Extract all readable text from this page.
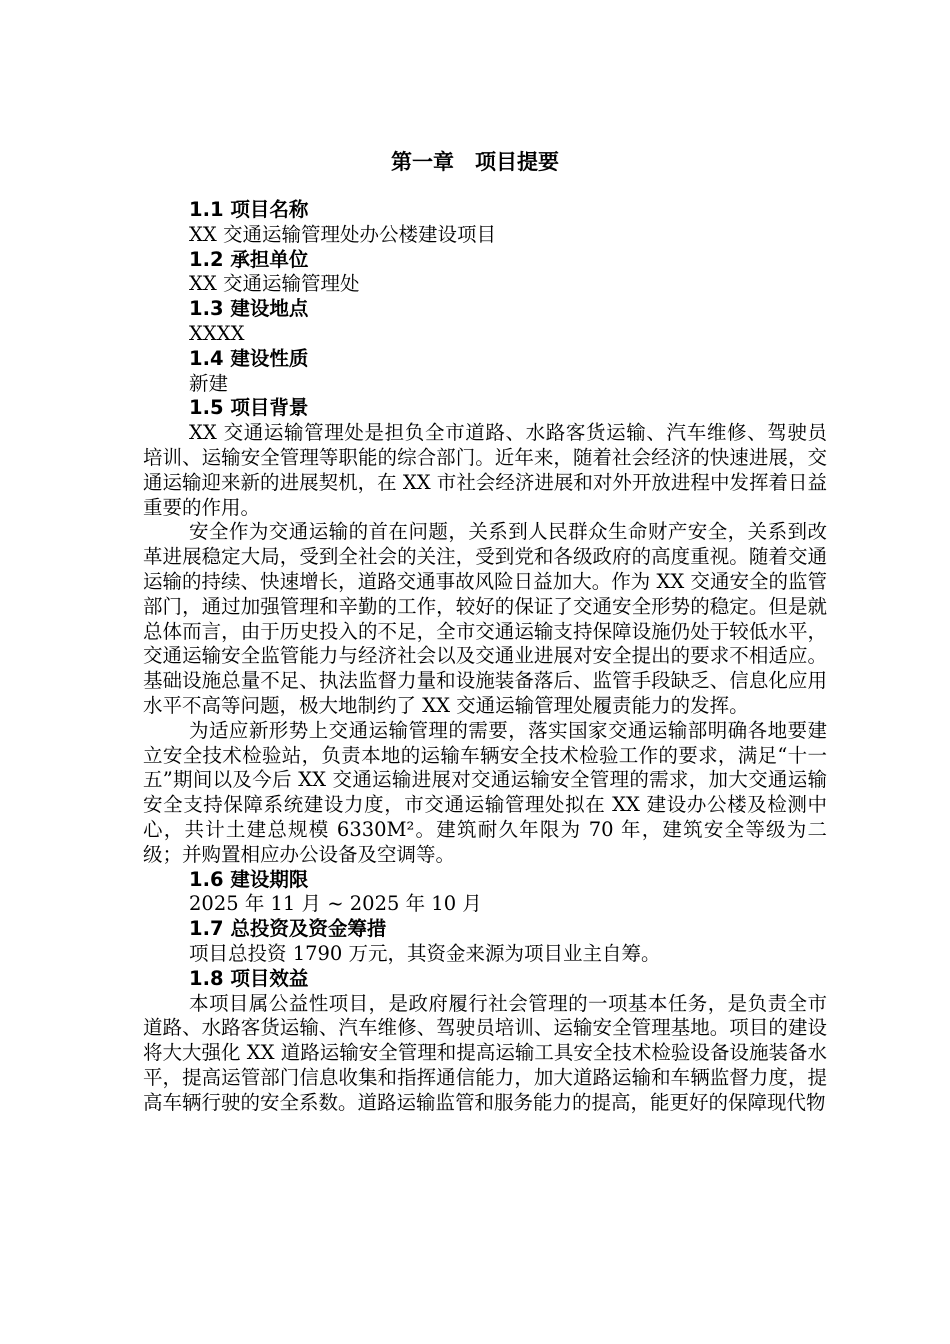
第一章　项目提要
1.1 项目名称
XX 交通运输管理处办公楼建设项目
1.2 承担单位
XX 交通运输管理处
1.3 建设地点
XXXX
1.4 建设性质
新建
1.5 项目背景

XX 交通运输管理处是担负全市道路、水路客货运输、汽车维修、驾驶员培训、运输安全管理等职能的综合部门。近年来，随着社会经济的快速进展，交通运输迎来新的进展契机，在 XX 市社会经济进展和对外开放进程中发挥着日益重要的作用。

安全作为交通运输的首在问题，关系到人民群众生命财产安全，关系到改革进展稳定大局，受到全社会的关注，受到党和各级政府的高度重视。随着交通运输的持续、快速增长，道路交通事故风险日益加大。作为 XX 交通安全的监管部门，通过加强管理和辛勤的工作，较好的保证了交通安全形势的稳定。但是就总体而言，由于历史投入的不足，全市交通运输支持保障设施仍处于较低水平，交通运输安全监管能力与经济社会以及交通业进展对安全提出的要求不相适应。基础设施总量不足、执法监督力量和设施装备落后、监管手段缺乏、信息化应用水平不高等问题，极大地制约了 XX 交通运输管理处履责能力的发挥。

为适应新形势上交通运输管理的需要，落实国家交通运输部明确各地要建立安全技术检验站，负责本地的运输车辆安全技术检验工作的要求，满足“十一五”期间以及今后 XX 交通运输进展对交通运输安全管理的需求，加大交通运输安全支持保障系统建设力度，市交通运输管理处拟在 XX 建设办公楼及检测中心，共计土建总规模 6330M²。建筑耐久年限为 70 年，建筑安全等级为二级；并购置相应办公设备及空调等。

1.6 建设期限
2025 年 11 月 ~ 2025 年 10 月
1.7 总投资及资金筹措
项目总投资 1790 万元，其资金来源为项目业主自筹。
1.8 项目效益

本项目属公益性项目，是政府履行社会管理的一项基本任务，是负责全市道路、水路客货运输、汽车维修、驾驶员培训、运输安全管理基地。项目的建设将大大强化 XX 道路运输安全管理和提高运输工具安全技术检验设备设施装备水平，提高运管部门信息收集和指挥通信能力，加大道路运输和车辆监督力度，提高车辆行驶的安全系数。道路运输监管和服务能力的提高，能更好的保障现代物
